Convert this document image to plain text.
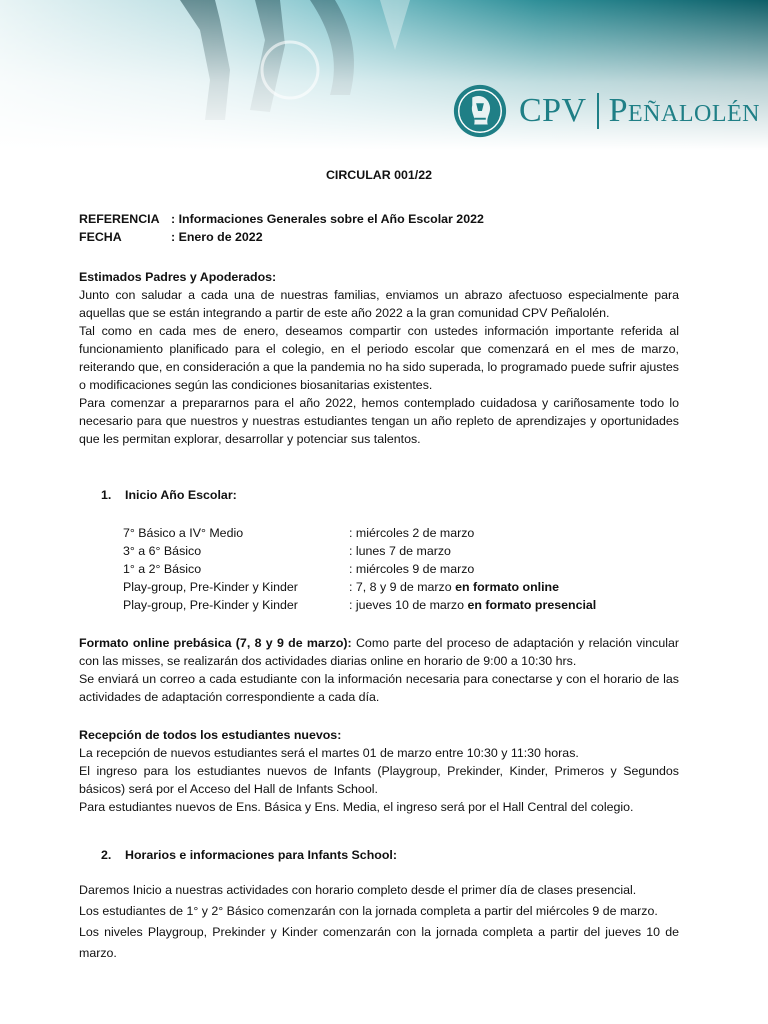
CPV Peñalolén

CIRCULAR 001/22

REFERENCIA : Informaciones Generales sobre el Año Escolar 2022
FECHA	: Enero de 2022

Estimados Padres y Apoderados:

Junto con saludar a cada una de nuestras familias, enviamos un abrazo afectuoso especialmente para aquellas que se están integrando a partir de este año 2022 a la gran comunidad CPV Peñalolén.

Tal como en cada mes de enero, deseamos compartir con ustedes información importante referida al funcionamiento planificado para el colegio, en el periodo escolar que comenzará en el mes de marzo, reiterando que, en consideración a que la pandemia no ha sido superada, lo programado puede sufrir ajustes o modificaciones según las condiciones biosanitarias existentes.

Para comenzar a prepararnos para el año 2022, hemos contemplado cuidadosa y cariñosamente todo lo necesario para que nuestros y nuestras estudiantes tengan un año repleto de aprendizajes y oportunidades que les permitan explorar, desarrollar y potenciar sus talentos.

1. Inicio Año Escolar:
7° Básico a IV° Medio	: miércoles 2 de marzo
3° a 6° Básico	: lunes 7 de marzo
1° a 2° Básico	: miércoles 9 de marzo
Play-group, Pre-Kinder y Kinder	: 7, 8 y 9 de marzo en formato online
Play-group, Pre-Kinder y Kinder	: jueves 10 de marzo en formato presencial

Formato online prebásica (7, 8 y 9 de marzo): Como parte del proceso de adaptación y relación vincular con las misses, se realizarán dos actividades diarias online en horario de 9:00 a 10:30 hrs.

Se enviará un correo a cada estudiante con la información necesaria para conectarse y con el horario de las actividades de adaptación correspondiente a cada día.

Recepción de todos los estudiantes nuevos:

La recepción de nuevos estudiantes será el martes 01 de marzo entre 10:30 y 11:30 horas.

El ingreso para los estudiantes nuevos de Infants (Playgroup, Prekinder, Kinder, Primeros y Segundos básicos) será por el Acceso del Hall de Infants School.

Para estudiantes nuevos de Ens. Básica y Ens. Media, el ingreso será por el Hall Central del colegio.

2. Horarios e informaciones para Infants School:

Daremos Inicio a nuestras actividades con horario completo desde el primer día de clases presencial.

Los estudiantes de 1° y 2° Básico comenzarán con la jornada completa a partir del miércoles 9 de marzo.

Los niveles Playgroup, Prekinder y Kinder comenzarán con la jornada completa a partir del jueves 10 de marzo.
